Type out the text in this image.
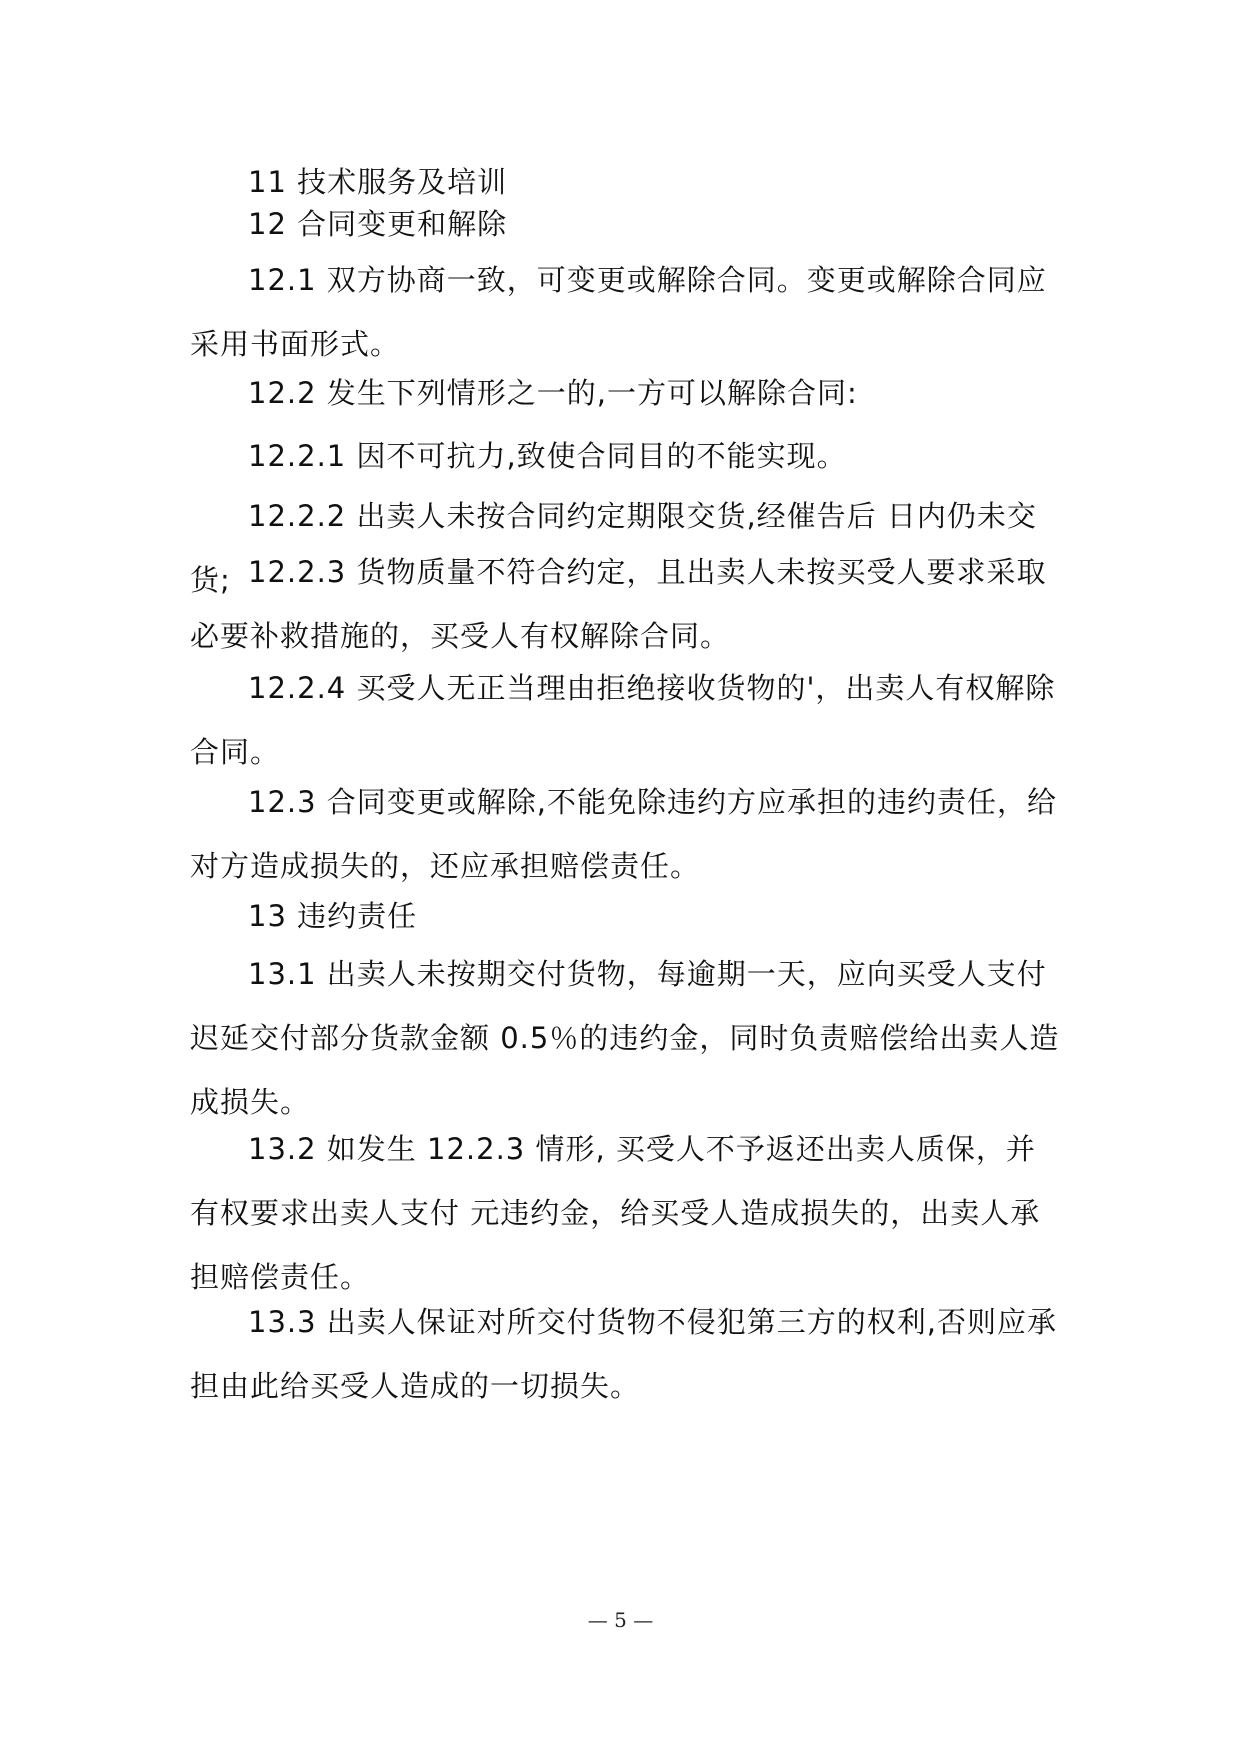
11 技术服务及培训

12 合同变更和解除

12.1 双方协商一致，可变更或解除合同。变更或解除合同应采用书面形式。

12.2 发生下列情形之一的,一方可以解除合同:

12.2.1 因不可抗力,致使合同目的不能实现。

12.2.2 出卖人未按合同约定期限交货,经催告后 日内仍未交货; 12.2.3 货物质量不符合约定，且出卖人未按买受人要求采取必要补救措施的，买受人有权解除合同。

12.2.4 买受人无正当理由拒绝接收货物的'，出卖人有权解除合同。

12.3 合同变更或解除,不能免除违约方应承担的违约责任，给对方造成损失的，还应承担赔偿责任。

13 违约责任

13.1 出卖人未按期交付货物，每逾期一天，应向买受人支付迟延交付部分货款金额 0.5％的违约金，同时负责赔偿给出卖人造成损失。

13.2 如发生 12.2.3 情形, 买受人不予返还出卖人质保，并有权要求出卖人支付 元违约金，给买受人造成损失的，出卖人承担赔偿责任。

13.3 出卖人保证对所交付货物不侵犯第三方的权利,否则应承担由此给买受人造成的一切损失。

— 5 —
